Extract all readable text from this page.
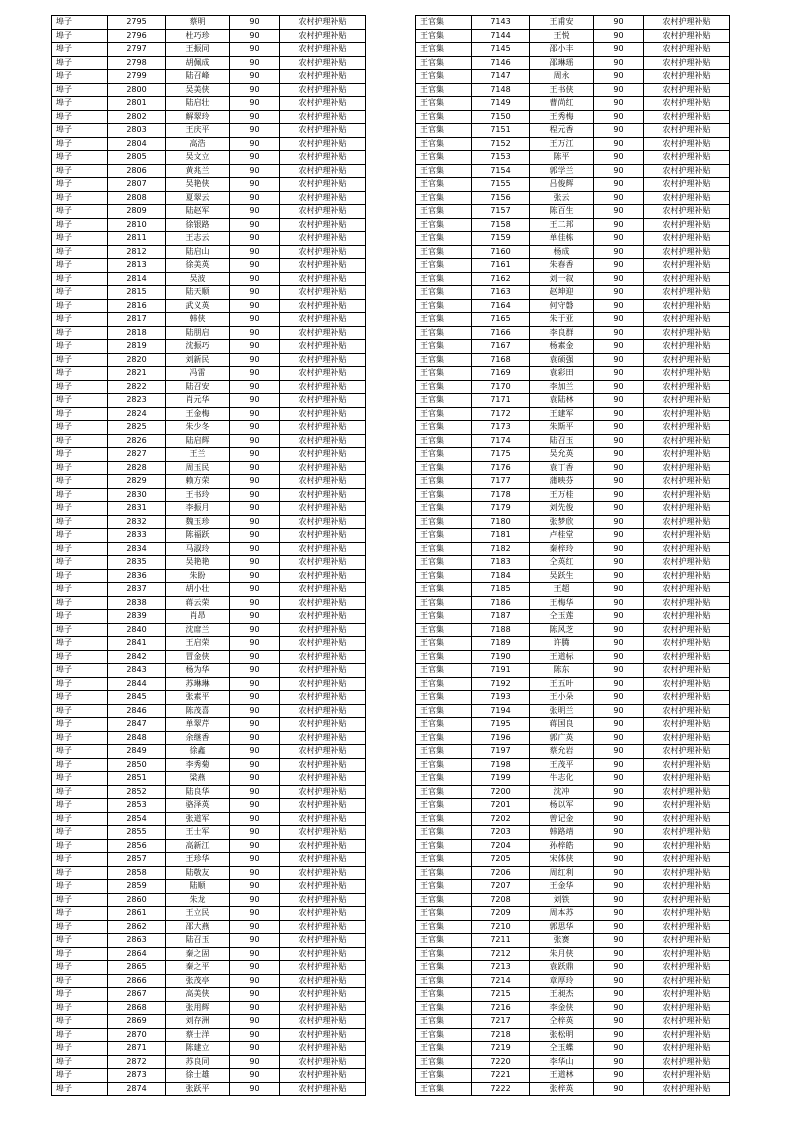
埠子	2795	蔡明	90	农村护理补贴
埠子	2796	杜巧珍	90	农村护理补贴
埠子	2797	王振同	90	农村护理补贴
埠子	2798	胡佩成	90	农村护理补贴
埠子	2799	陆召峰	90	农村护理补贴
埠子	2800	吴美侠	90	农村护理补贴
埠子	2801	陆启壮	90	农村护理补贴
埠子	2802	解翠玲	90	农村护理补贴
埠子	2803	王庆平	90	农村护理补贴
埠子	2804	高浩	90	农村护理补贴
埠子	2805	吴文立	90	农村护理补贴
埠子	2806	黄兆兰	90	农村护理补贴
埠子	2807	吴艳侠	90	农村护理补贴
埠子	2808	夏翠云	90	农村护理补贴
埠子	2809	陆赵军	90	农村护理补贴
埠子	2810	徐银路	90	农村护理补贴
埠子	2811	王志云	90	农村护理补贴
埠子	2812	陆启山	90	农村护理补贴
埠子	2813	徐美英	90	农村护理补贴
埠子	2814	吴波	90	农村护理补贴
埠子	2815	陆天顺	90	农村护理补贴
埠子	2816	武义英	90	农村护理补贴
埠子	2817	韩侠	90	农村护理补贴
埠子	2818	陆朋启	90	农村护理补贴
埠子	2819	沈振巧	90	农村护理补贴
埠子	2820	刘新民	90	农村护理补贴
埠子	2821	冯雷	90	农村护理补贴
埠子	2822	陆召安	90	农村护理补贴
埠子	2823	肖元华	90	农村护理补贴
埠子	2824	王金梅	90	农村护理补贴
埠子	2825	朱少冬	90	农村护理补贴
埠子	2826	陆启辉	90	农村护理补贴
埠子	2827	王兰	90	农村护理补贴
埠子	2828	周玉民	90	农村护理补贴
埠子	2829	赖方荣	90	农村护理补贴
埠子	2830	王书玲	90	农村护理补贴
埠子	2831	李振月	90	农村护理补贴
埠子	2832	魏玉珍	90	农村护理补贴
埠子	2833	陈福跃	90	农村护理补贴
埠子	2834	马淑玲	90	农村护理补贴
埠子	2835	吴艳艳	90	农村护理补贴
埠子	2836	朱盼	90	农村护理补贴
埠子	2837	胡小壮	90	农村护理补贴
埠子	2838	蒋云荣	90	农村护理补贴
埠子	2839	肖昂	90	农村护理补贴
埠子	2840	沈席兰	90	农村护理补贴
埠子	2841	王启荣	90	农村护理补贴
埠子	2842	冒金侠	90	农村护理补贴
埠子	2843	杨为华	90	农村护理补贴
埠子	2844	苏琳琳	90	农村护理补贴
埠子	2845	张素平	90	农村护理补贴
埠子	2846	陈茂喜	90	农村护理补贴
埠子	2847	单翠芹	90	农村护理补贴
埠子	2848	余继香	90	农村护理补贴
埠子	2849	徐鑫	90	农村护理补贴
埠子	2850	李秀菊	90	农村护理补贴
埠子	2851	梁燕	90	农村护理补贴
埠子	2852	陆良华	90	农村护理补贴
埠子	2853	骆泽英	90	农村护理补贴
埠子	2854	张道军	90	农村护理补贴
埠子	2855	王士军	90	农村护理补贴
埠子	2856	高新江	90	农村护理补贴
埠子	2857	王珍华	90	农村护理补贴
埠子	2858	陆敬友	90	农村护理补贴
埠子	2859	陆顺	90	农村护理补贴
埠子	2860	朱龙	90	农村护理补贴
埠子	2861	王立民	90	农村护理补贴
埠子	2862	邵大燕	90	农村护理补贴
埠子	2863	陆召玉	90	农村护理补贴
埠子	2864	秦之固	90	农村护理补贴
埠子	2865	秦之平	90	农村护理补贴
埠子	2866	张茂亭	90	农村护理补贴
埠子	2867	高美侠	90	农村护理补贴
埠子	2868	张用辉	90	农村护理补贴
埠子	2869	刘存洲	90	农村护理补贴
埠子	2870	蔡士洋	90	农村护理补贴
埠子	2871	陈建立	90	农村护理补贴
埠子	2872	苏良同	90	农村护理补贴
埠子	2873	徐士雄	90	农村护理补贴
埠子	2874	张跃平	90	农村护理补贴
王官集	7143	王甫安	90	农村护理补贴
王官集	7144	王悦	90	农村护理补贴
王官集	7145	邵小丰	90	农村护理补贴
王官集	7146	邵琳瑶	90	农村护理补贴
王官集	7147	周永	90	农村护理补贴
王官集	7148	王书侠	90	农村护理补贴
王官集	7149	曹尚红	90	农村护理补贴
王官集	7150	王秀梅	90	农村护理补贴
王官集	7151	程元香	90	农村护理补贴
王官集	7152	王万江	90	农村护理补贴
王官集	7153	陈平	90	农村护理补贴
王官集	7154	郭学兰	90	农村护理补贴
王官集	7155	吕俊辉	90	农村护理补贴
王官集	7156	张云	90	农村护理补贴
王官集	7157	陈百生	90	农村护理补贴
王官集	7158	王二邦	90	农村护理补贴
王官集	7159	单佳栋	90	农村护理补贴
王官集	7160	杨成	90	农村护理补贴
王官集	7161	朱春香	90	农村护理补贴
王官集	7162	刘一叙	90	农村护理补贴
王官集	7163	赵坤迎	90	农村护理补贴
王官集	7164	何守磐	90	农村护理补贴
王官集	7165	朱于亚	90	农村护理补贴
王官集	7166	李良群	90	农村护理补贴
王官集	7167	杨素金	90	农村护理补贴
王官集	7168	袁硕强	90	农村护理补贴
王官集	7169	袁彩田	90	农村护理补贴
王官集	7170	李加兰	90	农村护理补贴
王官集	7171	袁陆林	90	农村护理补贴
王官集	7172	王建军	90	农村护理补贴
王官集	7173	朱斯平	90	农村护理补贴
王官集	7174	陆召玉	90	农村护理补贴
王官集	7175	吴允英	90	农村护理补贴
王官集	7176	袁丁香	90	农村护理补贴
王官集	7177	蒲映芬	90	农村护理补贴
王官集	7178	王万桂	90	农村护理补贴
王官集	7179	刘先俊	90	农村护理补贴
王官集	7180	张梦欣	90	农村护理补贴
王官集	7181	卢桂堂	90	农村护理补贴
王官集	7182	秦梓玲	90	农村护理补贴
王官集	7183	仝英红	90	农村护理补贴
王官集	7184	吴跃生	90	农村护理补贴
王官集	7185	王超	90	农村护理补贴
王官集	7186	王梅华	90	农村护理补贴
王官集	7187	仝玉莲	90	农村护理补贴
王官集	7188	陈风芝	90	农村护理补贴
王官集	7189	许腾	90	农村护理补贴
王官集	7190	王道标	90	农村护理补贴
王官集	7191	陈东	90	农村护理补贴
王官集	7192	王五叶	90	农村护理补贴
王官集	7193	王小朵	90	农村护理补贴
王官集	7194	张明兰	90	农村护理补贴
王官集	7195	蒋国良	90	农村护理补贴
王官集	7196	郭广英	90	农村护理补贴
王官集	7197	蔡允岩	90	农村护理补贴
王官集	7198	王茂平	90	农村护理补贴
王官集	7199	牛志化	90	农村护理补贴
王官集	7200	沈冲	90	农村护理补贴
王官集	7201	杨以军	90	农村护理补贴
王官集	7202	曾记金	90	农村护理补贴
王官集	7203	韩路靖	90	农村护理补贴
王官集	7204	孙梓皓	90	农村护理补贴
王官集	7205	宋体侠	90	农村护理补贴
王官集	7206	周红利	90	农村护理补贴
王官集	7207	王金华	90	农村护理补贴
王官集	7208	刘铁	90	农村护理补贴
王官集	7209	周本苏	90	农村护理补贴
王官集	7210	郭思华	90	农村护理补贴
王官集	7211	张赛	90	农村护理补贴
王官集	7212	朱月侠	90	农村护理补贴
王官集	7213	袁跃鼎	90	农村护理补贴
王官集	7214	章厚玲	90	农村护理补贴
王官集	7215	王昶杰	90	农村护理补贴
王官集	7216	李金侠	90	农村护理补贴
王官集	7217	仝梓英	90	农村护理补贴
王官集	7218	张松明	90	农村护理补贴
王官集	7219	仝玉蝶	90	农村护理补贴
王官集	7220	李华山	90	农村护理补贴
王官集	7221	王道林	90	农村护理补贴
王官集	7222	张梓英	90	农村护理补贴
